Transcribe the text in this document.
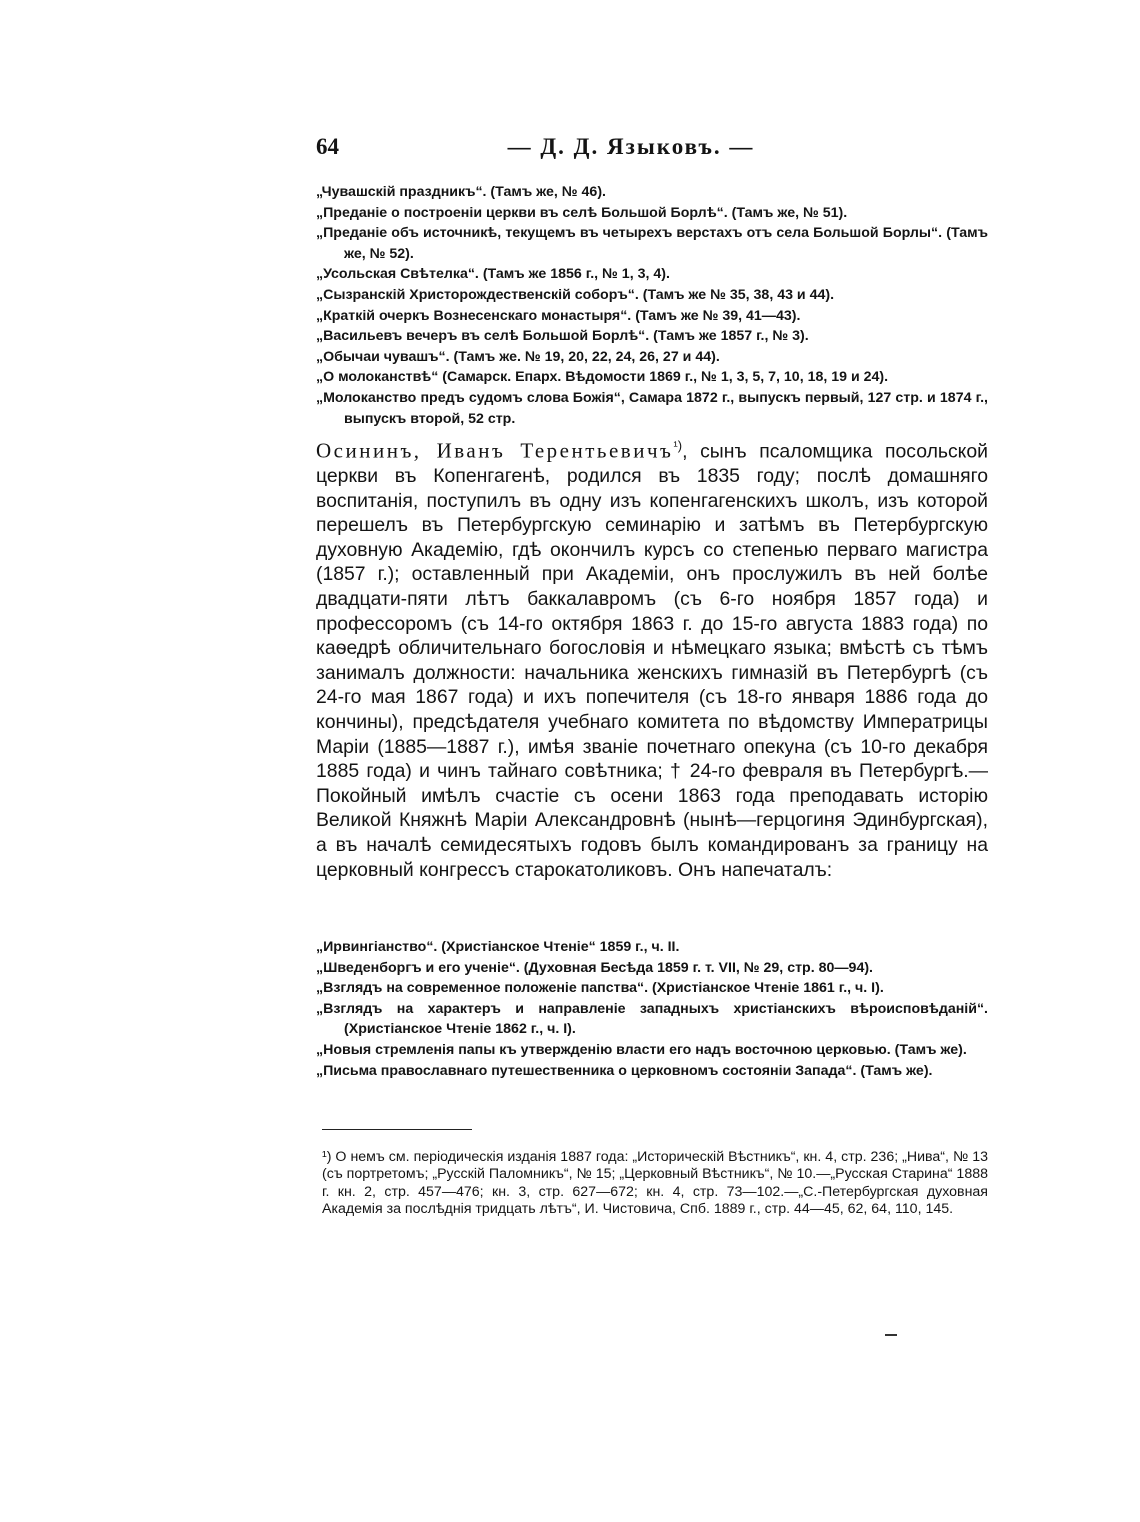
64	— Д. Д. Языковъ. —

„Чувашскій праздникъ“. (Тамъ же, № 46).

„Преданіе о построеніи церкви въ селѣ Большой Борлѣ“. (Тамъ же, № 51).

„Преданіе объ источникѣ, текущемъ въ четырехъ верстахъ отъ села Большой Борлы“. (Тамъ же, № 52).

„Усольская Свѣтелка“. (Тамъ же 1856 г., № 1, 3, 4).

„Сызранскій Христорождественскій соборъ“. (Тамъ же № 35, 38, 43 и 44).

„Краткій очеркъ Вознесенскаго монастыря“. (Тамъ же № 39, 41—43).

„Васильевъ вечеръ въ селѣ Большой Борлѣ“. (Тамъ же 1857 г., № 3).

„Обычаи чувашъ“. (Тамъ же. № 19, 20, 22, 24, 26, 27 и 44).

„О молоканствѣ“ (Самарск. Епарх. Вѣдомости 1869 г., № 1, 3, 5, 7, 10, 18, 19 и 24).

„Молоканство предъ судомъ слова Божія“, Самара 1872 г., выпускъ первый, 127 стр. и 1874 г., выпускъ второй, 52 стр.

Осининъ, Иванъ Терентьевичъ$^{^1)}$, сынъ псаломщика посольской церкви въ Копенгагенѣ, родился въ 1835 году; послѣ домашняго воспитанія, поступилъ въ одну изъ копенгагенскихъ школъ, изъ которой перешелъ въ Петербургскую семинарію и затѣмъ въ Петербургскую духовную Академію, гдѣ окончилъ курсъ со степенью перваго магистра (1857 г.); оставленный при Академіи, онъ прослужилъ въ ней болѣе двадцати-пяти лѣтъ баккалавромъ (съ 6-го ноября 1857 года) и профессоромъ (съ 14-го октября 1863 г. до 15-го августа 1883 года) по каѳедрѣ обличительнаго богословія и нѣмецкаго языка; вмѣстѣ съ тѣмъ занималъ должности: начальника женскихъ гимназій въ Петербургѣ (съ 24-го мая 1867 года) и ихъ попечителя (съ 18-го января 1886 года до кончины), предсѣдателя учебнаго комитета по вѣдомству Императрицы Маріи (1885—1887 г.), имѣя званіе почетнаго опекуна (съ 10-го декабря 1885 года) и чинъ тайнаго совѣтника; † 24-го февраля въ Петербургѣ.— Покойный имѣлъ счастіе съ осени 1863 года преподавать исторію Великой Княжнѣ Маріи Александровнѣ (нынѣ—герцогиня Эдинбургская), а въ началѣ семидесятыхъ годовъ былъ командированъ за границу на церковный конгрессъ старокатоликовъ. Онъ напечаталъ:

„Ирвингіанство“. (Христіанское Чтеніе“ 1859 г., ч. II.

„Шведенборгъ и его ученіе“. (Духовная Бесѣда 1859 г. т. VII, № 29, стр. 80—94).

„Взглядъ на современное положеніе папства“. (Христіанское Чтеніе 1861 г., ч. I).

„Взглядъ на характеръ и направленіе западныхъ христіанскихъ вѣроисповѣданій“. (Христіанское Чтеніе 1862 г., ч. I).

„Новыя стремленія папы къ утвержденію власти его надъ восточною церковью. (Тамъ же).

„Письма православнаго путешественника о церковномъ состояніи Запада“. (Тамъ же).

¹) О немъ см. періодическія изданія 1887 года: „Историческій Вѣстникъ“, кн. 4, стр. 236; „Нива“, № 13 (съ портретомъ; „Русскій Паломникъ“, № 15; „Церковный Вѣстникъ“, № 10.—„Русская Старина“ 1888 г. кн. 2, стр. 457—476; кн. 3, стр. 627—672; кн. 4, стр. 73—102.—„С.-Петербургская духовная Академія за послѣднія тридцать лѣтъ“, И. Чистовича, Спб. 1889 г., стр. 44—45, 62, 64, 110, 145.
